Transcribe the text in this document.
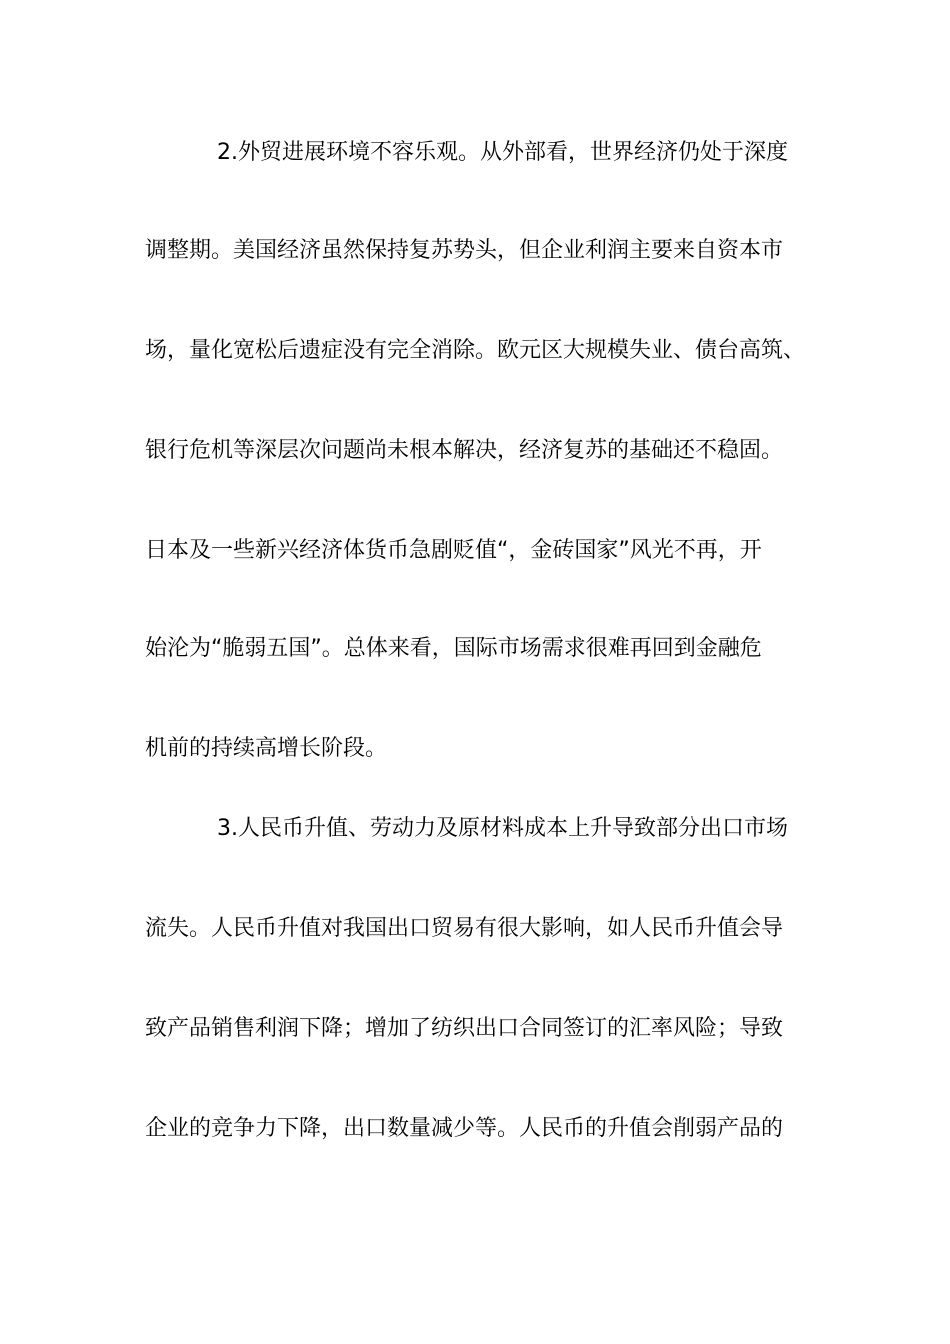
2.外贸进展环境不容乐观。从外部看，世界经济仍处于深度
调整期。美国经济虽然保持复苏势头，但企业利润主要来自资本市
场，量化宽松后遗症没有完全消除。欧元区大规模失业、债台高筑、
银行危机等深层次问题尚未根本解决，经济复苏的基础还不稳固。
日本及一些新兴经济体货币急剧贬值“，金砖国家”风光不再，开
始沦为“脆弱五国”。总体来看，国际市场需求很难再回到金融危
机前的持续高增长阶段。
3.人民币升值、劳动力及原材料成本上升导致部分出口市场
流失。人民币升值对我国出口贸易有很大影响，如人民币升值会导
致产品销售利润下降；增加了纺织出口合同签订的汇率风险；导致
企业的竞争力下降，出口数量减少等。人民币的升值会削弱产品的
